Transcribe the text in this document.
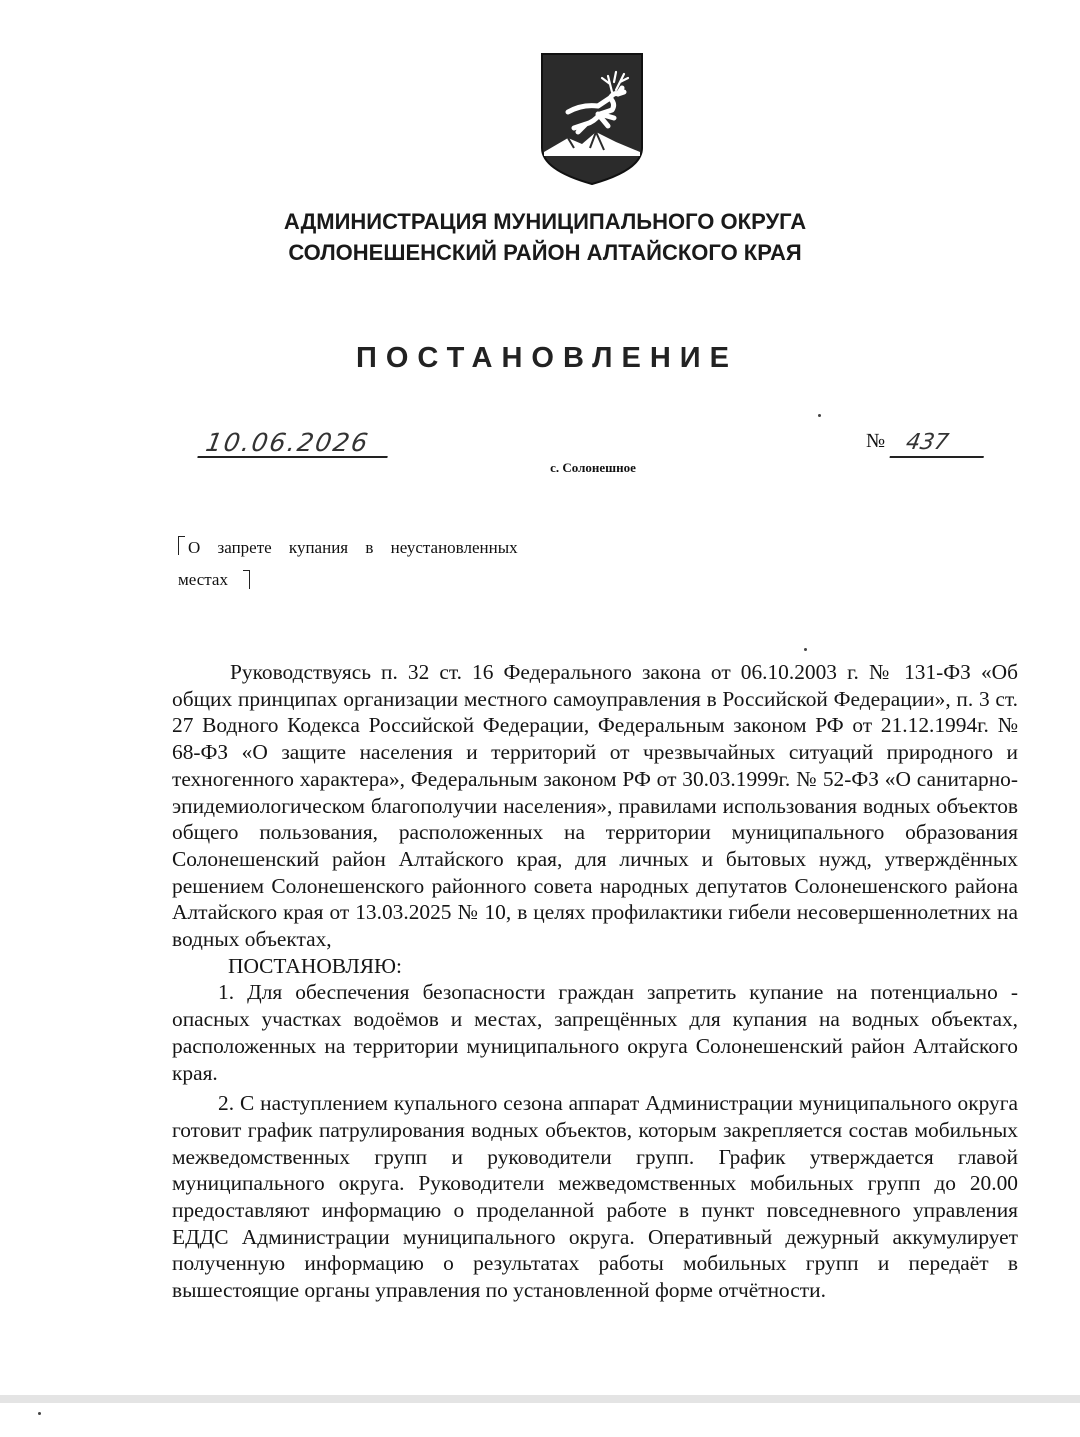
АДМИНИСТРАЦИЯ МУНИЦИПАЛЬНОГО ОКРУГА
СОЛОНЕШЕНСКИЙ РАЙОН АЛТАЙСКОГО КРАЯ
ПОСТАНОВЛЕНИЕ
10.06.2026	№ 437
с. Солонешное
О запрете купания в неустановленных
местах

Руководствуясь п. 32 ст. 16 Федерального закона от 06.10.2003 г. № 131-ФЗ «Об общих принципах организации местного самоуправления в Российской Федерации», п. 3 ст. 27 Водного Кодекса Российской Федерации, Федеральным законом РФ от 21.12.1994г. № 68-ФЗ «О защите населения и территорий от чрезвычайных ситуаций природного и техногенного характера», Федеральным законом РФ от 30.03.1999г. № 52-ФЗ «О санитарно-эпидемиологическом благополучии населения», правилами использования водных объектов общего пользования, расположенных на территории муниципального образования Солонешенский район Алтайского края, для личных и бытовых нужд, утверждённых решением Солонешенского районного совета народных депутатов Солонешенского района Алтайского края от 13.03.2025 № 10, в целях профилактики гибели несовершеннолетних на водных объектах,

ПОСТАНОВЛЯЮ:

1. Для обеспечения безопасности граждан запретить купание на потенциально - опасных участках водоёмов и местах, запрещённых для купания на водных объектах, расположенных на территории муниципального округа Солонешенский район Алтайского края.

2. С наступлением купального сезона аппарат Администрации муниципального округа готовит график патрулирования водных объектов, которым закрепляется состав мобильных межведомственных групп и руководители групп. График утверждается главой муниципального округа. Руководители межведомственных мобильных групп до 20.00 предоставляют информацию о проделанной работе в пункт повседневного управления ЕДДС Администрации муниципального округа. Оперативный дежурный аккумулирует полученную информацию о результатах работы мобильных групп и передаёт в вышестоящие органы управления по установленной форме отчётности.
